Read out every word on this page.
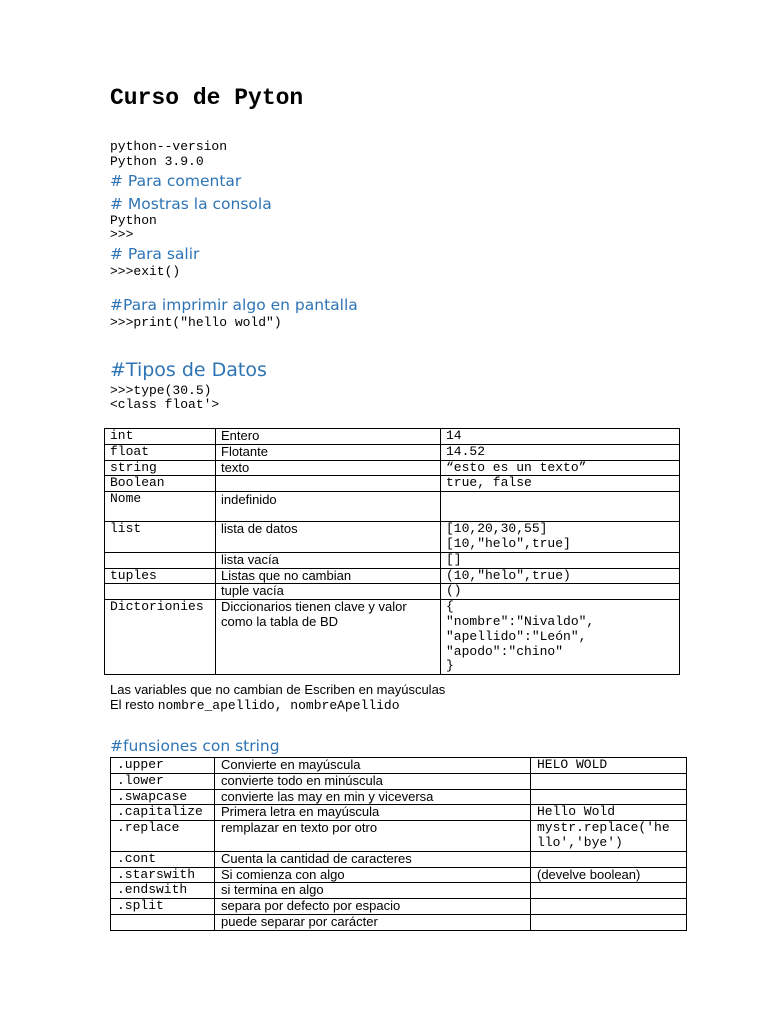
Curso de Pyton
python--version
Python 3.9.0
# Para comentar
# Mostras la consola
Python
>>>
# Para salir
>>>exit()
#Para imprimir algo en pantalla
>>>print("hello wold")
#Tipos de Datos
>>>type(30.5)
<class float'>
int	Entero	14
float	Flotante	14.52
string	texto	“esto es un texto”
Boolean		true, false
Nome	indefinido	
list	lista de datos	[10,20,30,55]
[10,"helo",true]
	lista vacía	[]
tuples	Listas que no cambian	(10,"helo",true)
	tuple vacía	()
Dictorionies	Diccionarios tienen clave y valor como la tabla de BD	{
"nombre":"Nivaldo",
"apellido":"León",
"apodo":"chino"
}
Las variables que no cambian de Escriben en mayúsculas
El resto nombre_apellido, nombreApellido
#funsiones con string
.upper	Convierte en mayúscula	HELO WOLD
.lower	convierte todo en minúscula	
.swapcase	convierte las may en min y viceversa	
.capitalize	Primera letra en mayúscula	Hello Wold
.replace	remplazar en texto por otro	mystr.replace('he
llo','bye')
.cont	Cuenta la cantidad de caracteres	
.starswith	Si comienza con algo	(develve boolean)
.endswith	si termina en algo	
.split	separa por defecto por espacio	
	puede separar por carácter	
